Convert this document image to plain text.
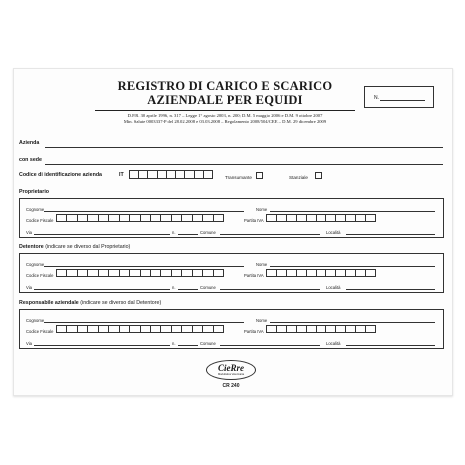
REGISTRO DI CARICO E SCARICO
AZIENDALE PER EQUIDI
D.P.R. 30 aprile 1996, n. 317 – Legge 1° agosto 2003, n. 200; D.M. 5 maggio 2006 e D.M. 9 ottobre 2007
Min. Salute 0003337-P del 28.02.2008 e 03.03.2008 – Regolamento 2008/504/CEE – D.M. 29 dicembre 2009
N.
Azienda
con sede
Codice di identificazione azienda	IT	Transumante	Stanziale
Proprietario
Cognome	Nome
Codice Fiscale	Partita IVA
Via	n.	Comune	Località
Detentore (indicare se diverso dal Proprietario)
Cognome	Nome
Codice Fiscale	Partita IVA
Via	n.	Comune	Località
Responsabile aziendale (indicare se diverso dal Detentore)
Cognome	Nome
Codice Fiscale	Partita IVA
Via	n.	Comune	Località
CieRre
Modulistica Veterinaria
CR 240
